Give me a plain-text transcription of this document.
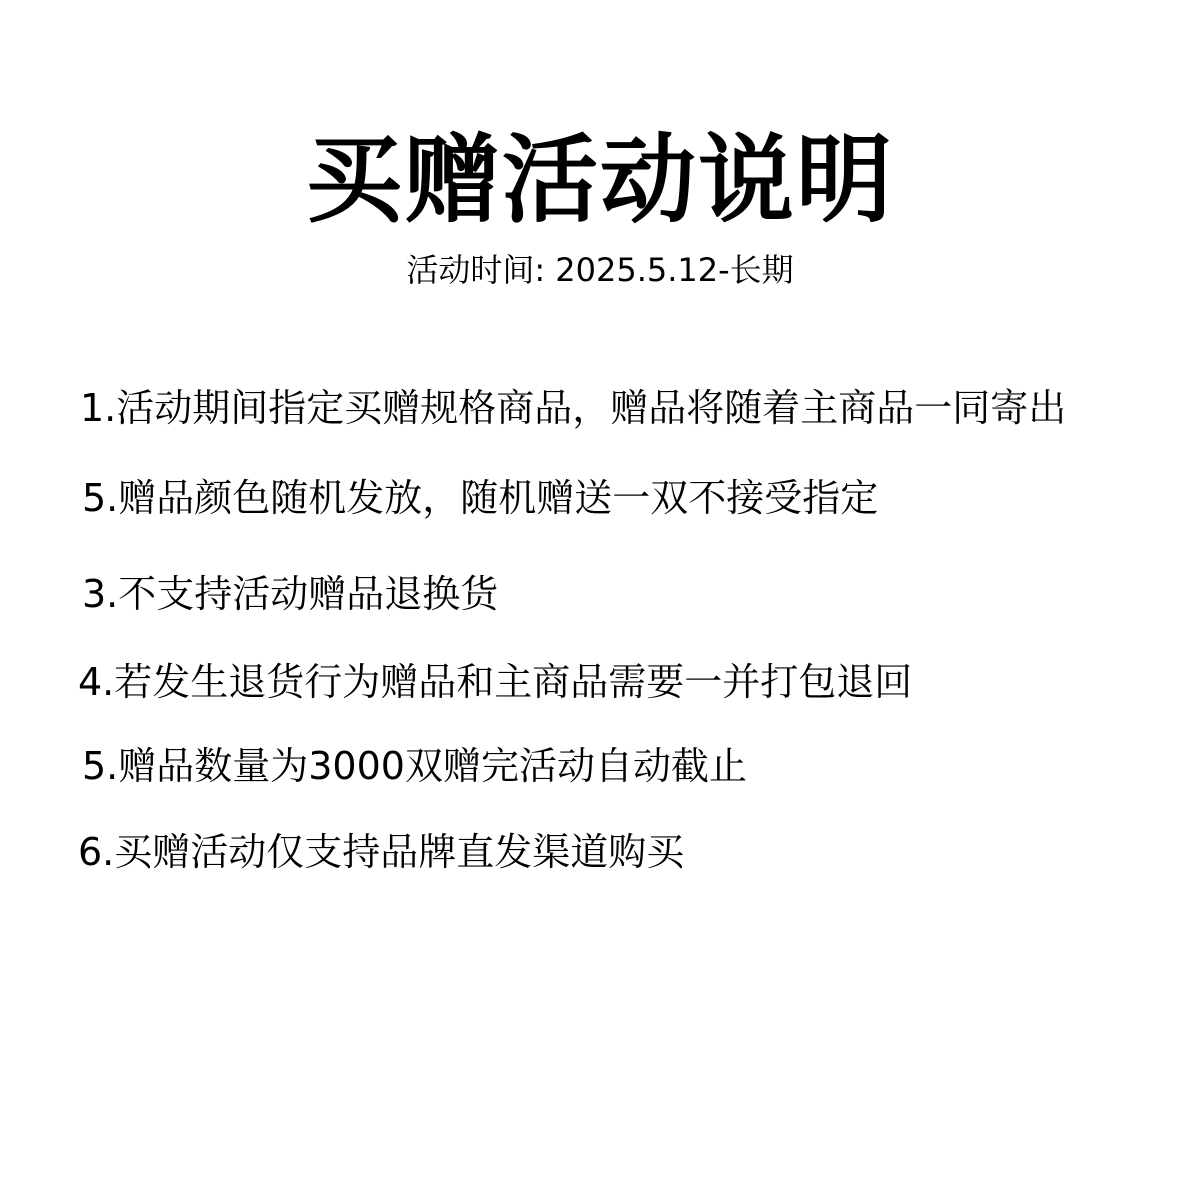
买赠活动说明
活动时间: 2025.5.12-长期
1.活动期间指定买赠规格商品，赠品将随着主商品一同寄出
5.赠品颜色随机发放，随机赠送一双不接受指定
3.不支持活动赠品退换货
4.若发生退货行为赠品和主商品需要一并打包退回
5.赠品数量为3000双赠完活动自动截止
6.买赠活动仅支持品牌直发渠道购买
